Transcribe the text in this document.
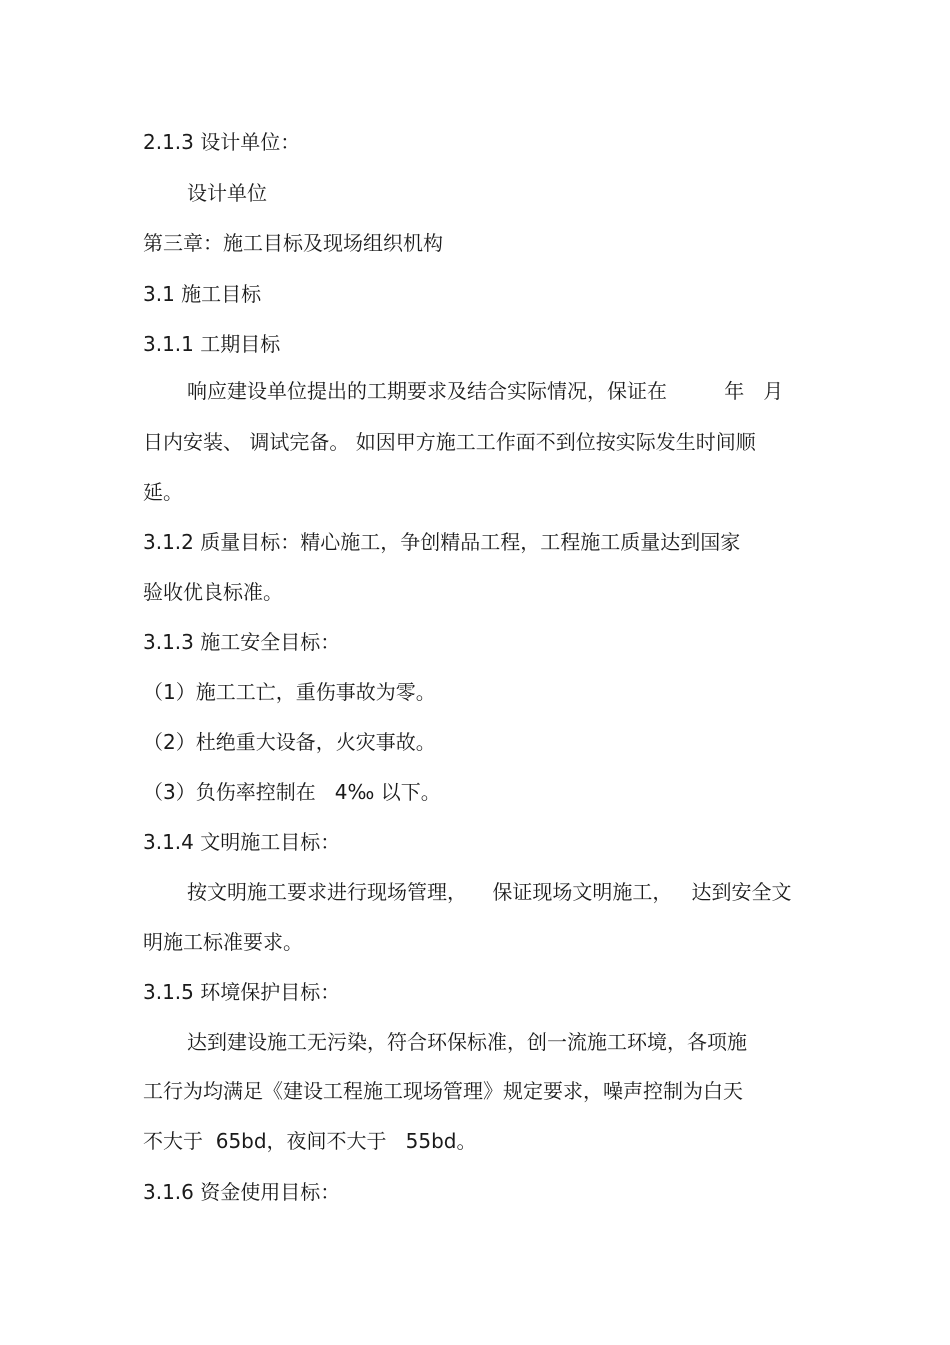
2.1.3 设计单位：
设计单位
第三章：施工目标及现场组织机构
3.1 施工目标
3.1.1 工期目标
响应建设单位提出的工期要求及结合实际情况，保证在         年   月
日内安装、 调试完备。 如因甲方施工工作面不到位按实际发生时间顺
延。
3.1.2 质量目标：精心施工，争创精品工程，工程施工质量达到国家
验收优良标准。
3.1.3 施工安全目标：
（1）施工工亡，重伤事故为零。
（2）杜绝重大设备，火灾事故。
（3）负伤率控制在   4‰ 以下。
3.1.4 文明施工目标：
按文明施工要求进行现场管理，    保证现场文明施工，   达到安全文
明施工标准要求。
3.1.5 环境保护目标：
达到建设施工无污染，符合环保标准，创一流施工环境，各项施
工行为均满足《建设工程施工现场管理》规定要求，噪声控制为白天
不大于  65bd，夜间不大于   55bd。
3.1.6 资金使用目标：
